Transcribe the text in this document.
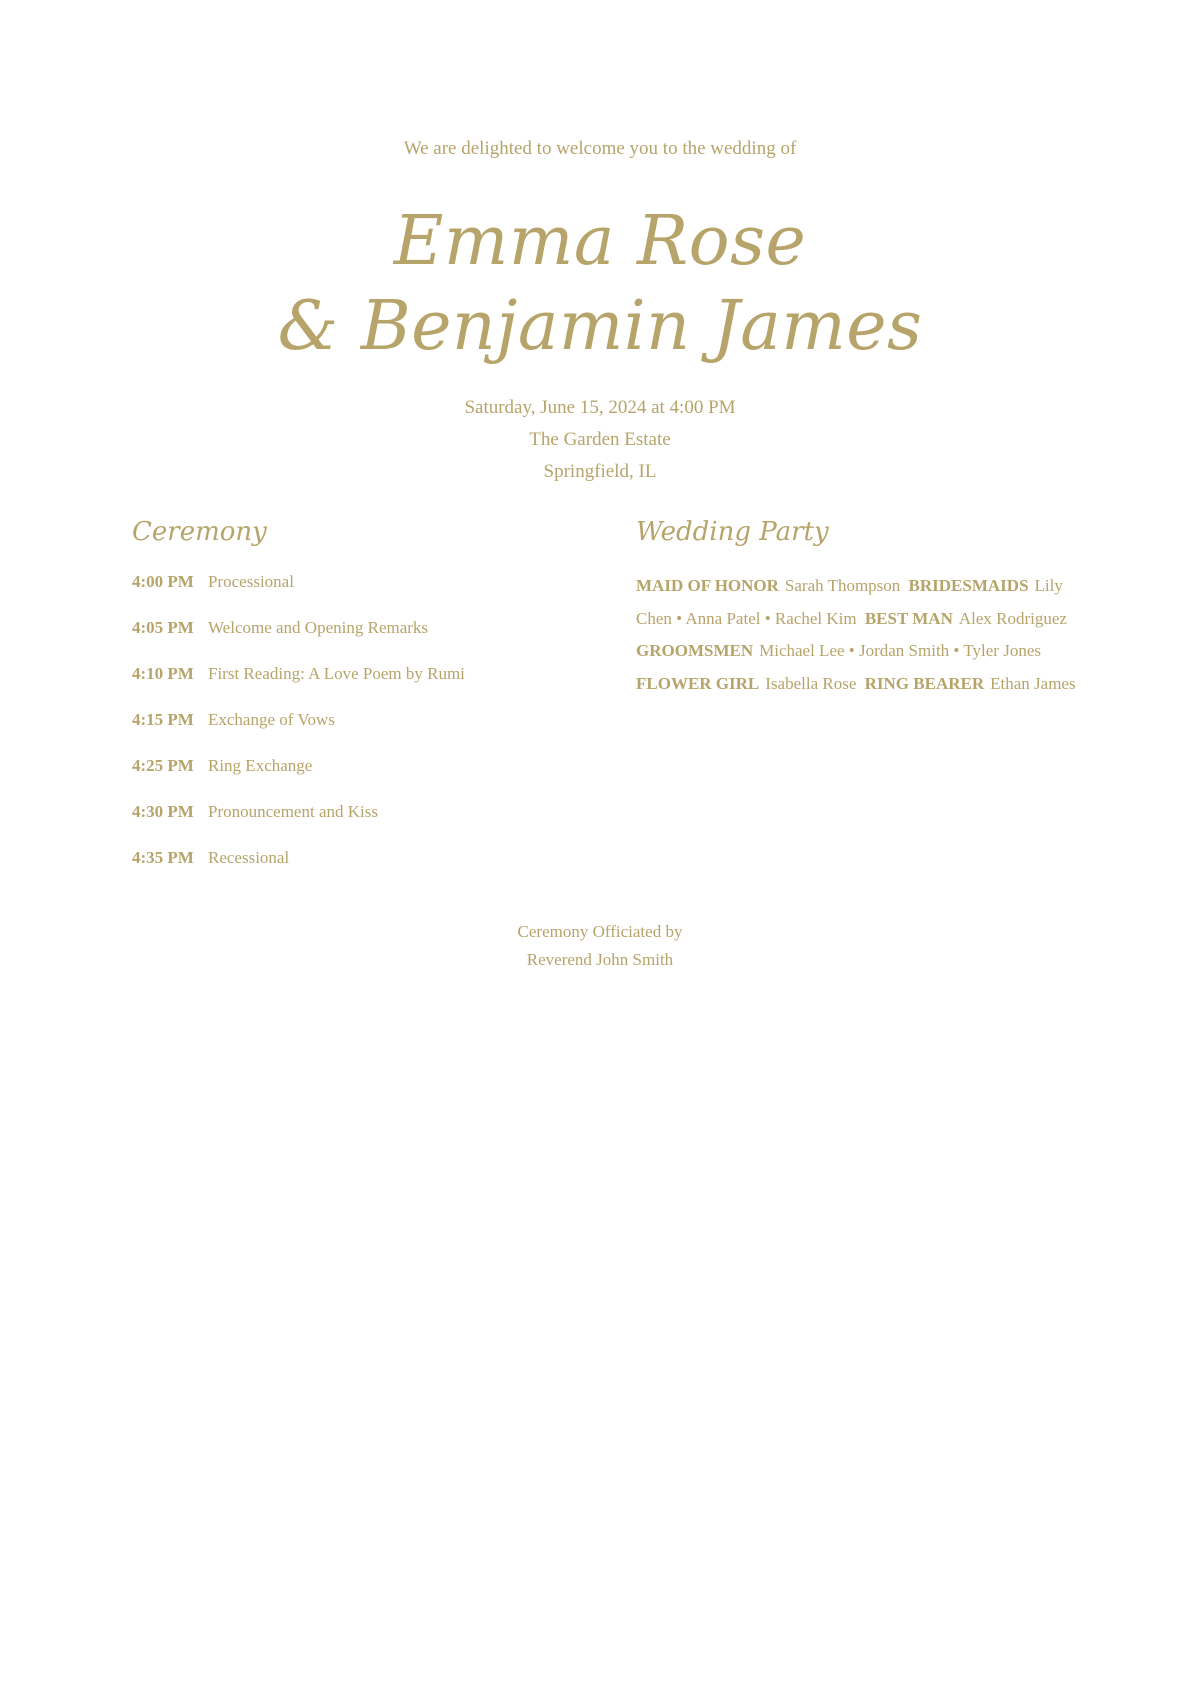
We are delighted to welcome you to the wedding of
Emma Rose
& Benjamin James
Saturday, June 15, 2024 at 4:00 PM
The Garden Estate
Springfield, IL
Ceremony	Wedding Party
4:00 PM Processional
4:05 PM Welcome and Opening Remarks
4:10 PM First Reading: A Love Poem by Rumi
4:15 PM Exchange of Vows
4:25 PM Ring Exchange
4:30 PM Pronouncement and Kiss
4:35 PM Recessional
MAID OF HONOR Sarah Thompson BRIDESMAIDS Lily Chen • Anna Patel • Rachel Kim BEST MAN Alex Rodriguez GROOMSMEN Michael Lee • Jordan Smith • Tyler Jones FLOWER GIRL Isabella Rose RING BEARER Ethan James
Ceremony Officiated by
Reverend John Smith
